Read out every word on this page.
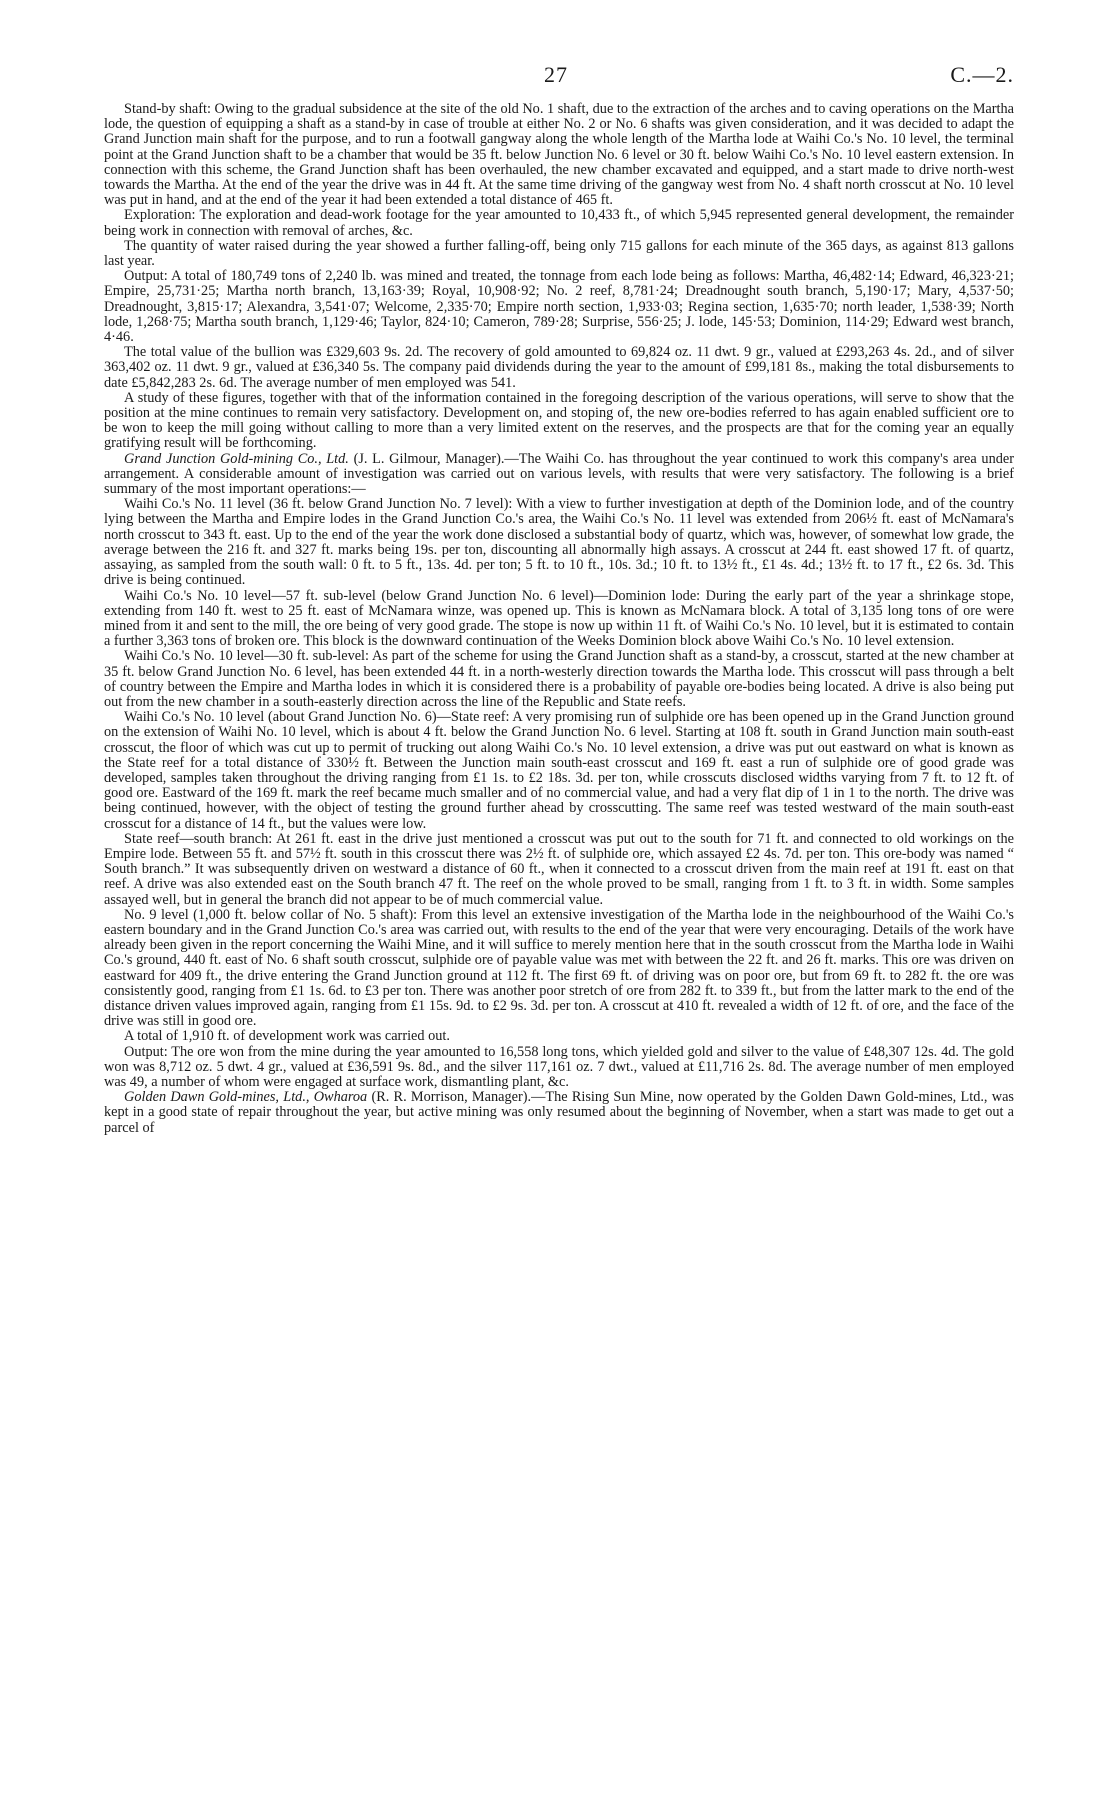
27	C.—2.

Stand-by shaft: Owing to the gradual subsidence at the site of the old No. 1 shaft, due to the extraction of the arches and to caving operations on the Martha lode, the question of equipping a shaft as a stand-by in case of trouble at either No. 2 or No. 6 shafts was given consideration, and it was decided to adapt the Grand Junction main shaft for the purpose, and to run a footwall gangway along the whole length of the Martha lode at Waihi Co.'s No. 10 level, the terminal point at the Grand Junction shaft to be a chamber that would be 35 ft. below Junction No. 6 level or 30 ft. below Waihi Co.'s No. 10 level eastern extension. In connection with this scheme, the Grand Junction shaft has been overhauled, the new chamber excavated and equipped, and a start made to drive north-west towards the Martha. At the end of the year the drive was in 44 ft. At the same time driving of the gangway west from No. 4 shaft north crosscut at No. 10 level was put in hand, and at the end of the year it had been extended a total distance of 465 ft.

Exploration: The exploration and dead-work footage for the year amounted to 10,433 ft., of which 5,945 represented general development, the remainder being work in connection with removal of arches, &c.

The quantity of water raised during the year showed a further falling-off, being only 715 gallons for each minute of the 365 days, as against 813 gallons last year.

Output: A total of 180,749 tons of 2,240 lb. was mined and treated, the tonnage from each lode being as follows: Martha, 46,482·14; Edward, 46,323·21; Empire, 25,731·25; Martha north branch, 13,163·39; Royal, 10,908·92; No. 2 reef, 8,781·24; Dreadnought south branch, 5,190·17; Mary, 4,537·50; Dreadnought, 3,815·17; Alexandra, 3,541·07; Welcome, 2,335·70; Empire north section, 1,933·03; Regina section, 1,635·70; north leader, 1,538·39; North lode, 1,268·75; Martha south branch, 1,129·46; Taylor, 824·10; Cameron, 789·28; Surprise, 556·25; J. lode, 145·53; Dominion, 114·29; Edward west branch, 4·46.

The total value of the bullion was £329,603 9s. 2d. The recovery of gold amounted to 69,824 oz. 11 dwt. 9 gr., valued at £293,263 4s. 2d., and of silver 363,402 oz. 11 dwt. 9 gr., valued at £36,340 5s. The company paid dividends during the year to the amount of £99,181 8s., making the total disbursements to date £5,842,283 2s. 6d. The average number of men employed was 541.

A study of these figures, together with that of the information contained in the foregoing description of the various operations, will serve to show that the position at the mine continues to remain very satisfactory. Development on, and stoping of, the new ore-bodies referred to has again enabled sufficient ore to be won to keep the mill going without calling to more than a very limited extent on the reserves, and the prospects are that for the coming year an equally gratifying result will be forthcoming.

Grand Junction Gold-mining Co., Ltd. (J. L. Gilmour, Manager).—The Waihi Co. has throughout the year continued to work this company's area under arrangement. A considerable amount of investigation was carried out on various levels, with results that were very satisfactory. The following is a brief summary of the most important operations:—

Waihi Co.'s No. 11 level (36 ft. below Grand Junction No. 7 level): With a view to further investigation at depth of the Dominion lode, and of the country lying between the Martha and Empire lodes in the Grand Junction Co.'s area, the Waihi Co.'s No. 11 level was extended from 206½ ft. east of McNamara's north crosscut to 343 ft. east. Up to the end of the year the work done disclosed a substantial body of quartz, which was, however, of somewhat low grade, the average between the 216 ft. and 327 ft. marks being 19s. per ton, discounting all abnormally high assays. A crosscut at 244 ft. east showed 17 ft. of quartz, assaying, as sampled from the south wall: 0 ft. to 5 ft., 13s. 4d. per ton; 5 ft. to 10 ft., 10s. 3d.; 10 ft. to 13½ ft., £1 4s. 4d.; 13½ ft. to 17 ft., £2 6s. 3d. This drive is being continued.

Waihi Co.'s No. 10 level—57 ft. sub-level (below Grand Junction No. 6 level)—Dominion lode: During the early part of the year a shrinkage stope, extending from 140 ft. west to 25 ft. east of McNamara winze, was opened up. This is known as McNamara block. A total of 3,135 long tons of ore were mined from it and sent to the mill, the ore being of very good grade. The stope is now up within 11 ft. of Waihi Co.'s No. 10 level, but it is estimated to contain a further 3,363 tons of broken ore. This block is the downward continuation of the Weeks Dominion block above Waihi Co.'s No. 10 level extension.

Waihi Co.'s No. 10 level—30 ft. sub-level: As part of the scheme for using the Grand Junction shaft as a stand-by, a crosscut, started at the new chamber at 35 ft. below Grand Junction No. 6 level, has been extended 44 ft. in a north-westerly direction towards the Martha lode. This crosscut will pass through a belt of country between the Empire and Martha lodes in which it is considered there is a probability of payable ore-bodies being located. A drive is also being put out from the new chamber in a south-easterly direction across the line of the Republic and State reefs.

Waihi Co.'s No. 10 level (about Grand Junction No. 6)—State reef: A very promising run of sulphide ore has been opened up in the Grand Junction ground on the extension of Waihi No. 10 level, which is about 4 ft. below the Grand Junction No. 6 level. Starting at 108 ft. south in Grand Junction main south-east crosscut, the floor of which was cut up to permit of trucking out along Waihi Co.'s No. 10 level extension, a drive was put out eastward on what is known as the State reef for a total distance of 330½ ft. Between the Junction main south-east crosscut and 169 ft. east a run of sulphide ore of good grade was developed, samples taken throughout the driving ranging from £1 1s. to £2 18s. 3d. per ton, while crosscuts disclosed widths varying from 7 ft. to 12 ft. of good ore. Eastward of the 169 ft. mark the reef became much smaller and of no commercial value, and had a very flat dip of 1 in 1 to the north. The drive was being continued, however, with the object of testing the ground further ahead by crosscutting. The same reef was tested westward of the main south-east crosscut for a distance of 14 ft., but the values were low.

State reef—south branch: At 261 ft. east in the drive just mentioned a crosscut was put out to the south for 71 ft. and connected to old workings on the Empire lode. Between 55 ft. and 57½ ft. south in this crosscut there was 2½ ft. of sulphide ore, which assayed £2 4s. 7d. per ton. This ore-body was named “ South branch.” It was subsequently driven on westward a distance of 60 ft., when it connected to a crosscut driven from the main reef at 191 ft. east on that reef. A drive was also extended east on the South branch 47 ft. The reef on the whole proved to be small, ranging from 1 ft. to 3 ft. in width. Some samples assayed well, but in general the branch did not appear to be of much commercial value.

No. 9 level (1,000 ft. below collar of No. 5 shaft): From this level an extensive investigation of the Martha lode in the neighbourhood of the Waihi Co.'s eastern boundary and in the Grand Junction Co.'s area was carried out, with results to the end of the year that were very encouraging. Details of the work have already been given in the report concerning the Waihi Mine, and it will suffice to merely mention here that in the south crosscut from the Martha lode in Waihi Co.'s ground, 440 ft. east of No. 6 shaft south crosscut, sulphide ore of payable value was met with between the 22 ft. and 26 ft. marks. This ore was driven on eastward for 409 ft., the drive entering the Grand Junction ground at 112 ft. The first 69 ft. of driving was on poor ore, but from 69 ft. to 282 ft. the ore was consistently good, ranging from £1 1s. 6d. to £3 per ton. There was another poor stretch of ore from 282 ft. to 339 ft., but from the latter mark to the end of the distance driven values improved again, ranging from £1 15s. 9d. to £2 9s. 3d. per ton. A crosscut at 410 ft. revealed a width of 12 ft. of ore, and the face of the drive was still in good ore.

A total of 1,910 ft. of development work was carried out.

Output: The ore won from the mine during the year amounted to 16,558 long tons, which yielded gold and silver to the value of £48,307 12s. 4d. The gold won was 8,712 oz. 5 dwt. 4 gr., valued at £36,591 9s. 8d., and the silver 117,161 oz. 7 dwt., valued at £11,716 2s. 8d. The average number of men employed was 49, a number of whom were engaged at surface work, dismantling plant, &c.

Golden Dawn Gold-mines, Ltd., Owharoa (R. R. Morrison, Manager).—The Rising Sun Mine, now operated by the Golden Dawn Gold-mines, Ltd., was kept in a good state of repair throughout the year, but active mining was only resumed about the beginning of November, when a start was made to get out a parcel of
